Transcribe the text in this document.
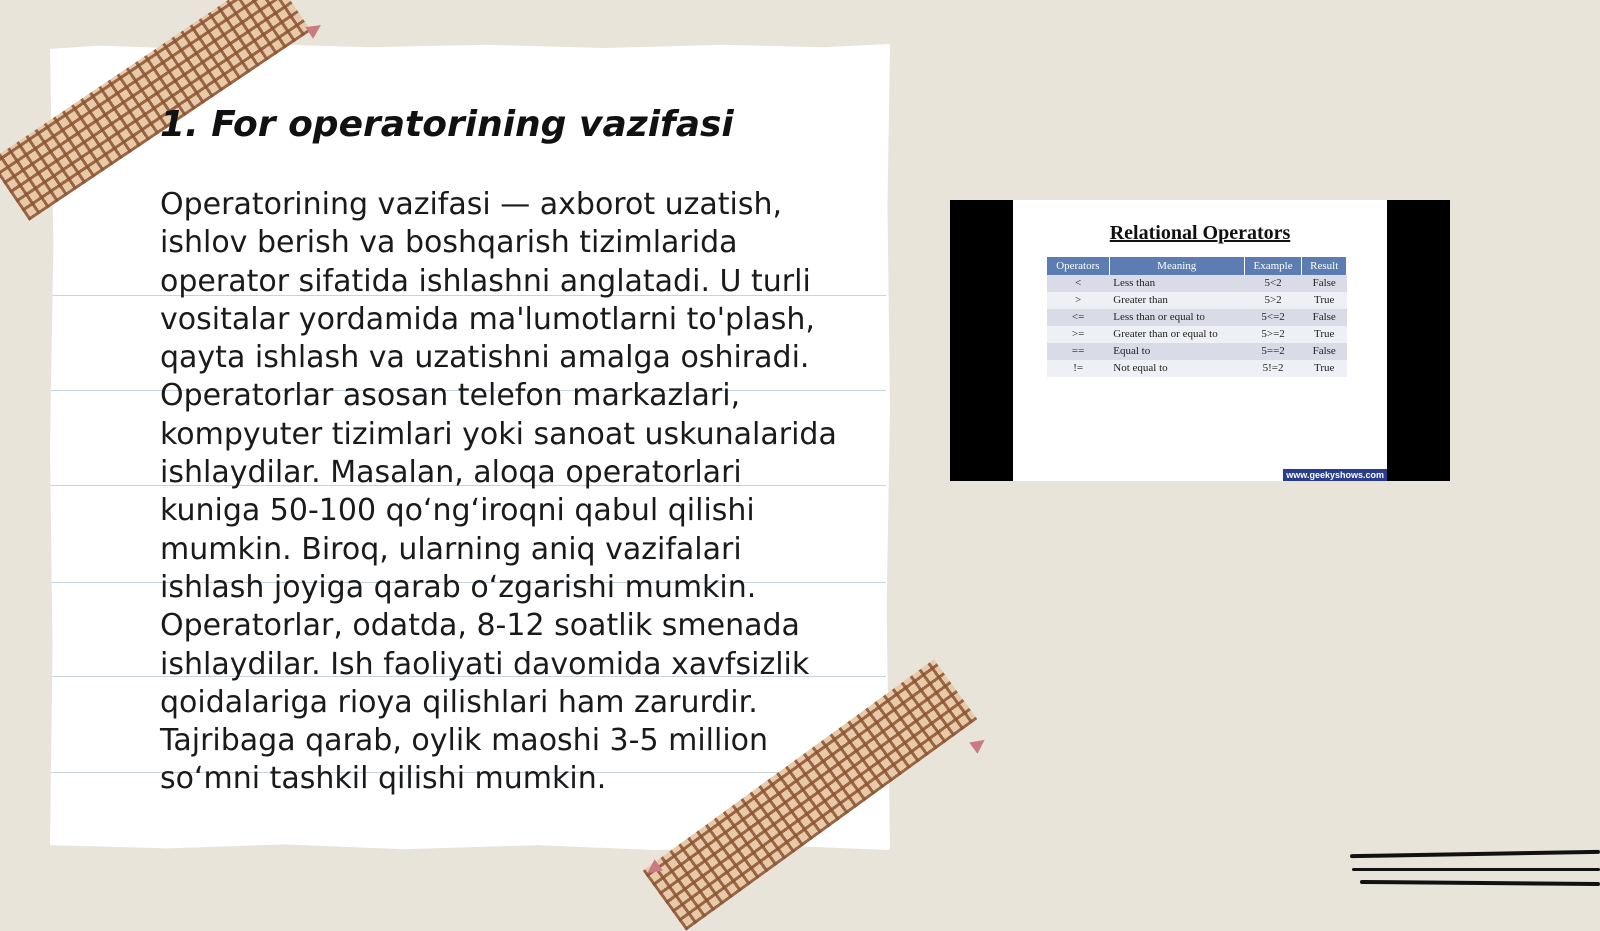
1. For operatorining vazifasi

Operatorining vazifasi — axborot uzatish, ishlov berish va boshqarish tizimlarida operator sifatida ishlashni anglatadi. U turli vositalar yordamida ma'lumotlarni to'plash, qayta ishlash va uzatishni amalga oshiradi. Operatorlar asosan telefon markazlari, kompyuter tizimlari yoki sanoat uskunalarida ishlaydilar. Masalan, aloqa operatorlari kuniga 50-100 qo‘ng‘iroqni qabul qilishi mumkin. Biroq, ularning aniq vazifalari ishlash joyiga qarab o‘zgarishi mumkin. Operatorlar, odatda, 8-12 soatlik smenada ishlaydilar. Ish faoliyati davomida xavfsizlik qoidalariga rioya qilishlari ham zarurdir. Tajribaga qarab, oylik maoshi 3-5 million so‘mni tashkil qilishi mumkin.

Relational Operators
Operators	Meaning	Example	Result
<	Less than	5<2	False
>	Greater than	5>2	True
<=	Less than or equal to	5<=2	False
>=	Greater than or equal to	5>=2	True
==	Equal to	5==2	False
!=	Not equal to	5!=2	True
www.geekyshows.com
